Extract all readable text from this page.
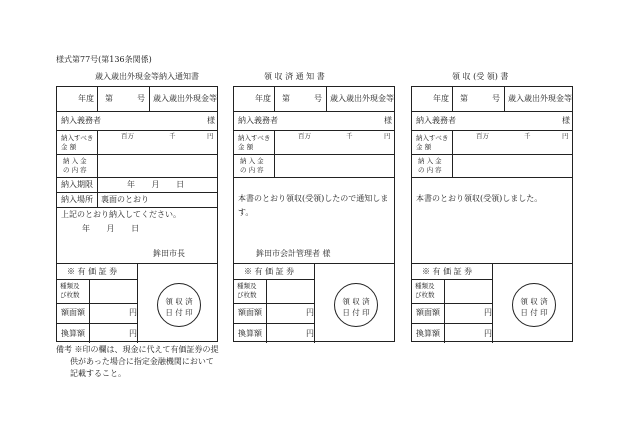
様式第77号(第136条関係)
歳入歳出外現金等納入通知書	領 収 済 通 知 書	領 収 (受 領) 書
年度 第	号 歳入歳出外現金等
納入義務者	様
納入すべき
金 額
百万	千	円
納 入 金
の 内 容
納入期限	年 月 日
納入場所 裏面のとおり
上記のとおり納入してください。
年 月 日
鉾田市長
※ 有 価 証 券
種類及
び枚数
額面額	円
換算額	円
領 収 済
日 付 印
年度 第	号 歳入歳出外現金等
納入義務者	様
納入すべき
金 額
百万	千	円
納 入 金
の 内 容
本書のとおり領収(受領)したので通知しま
す。
鉾田市会計管理者 様
※ 有 価 証 券
種類及
び枚数
額面額	円
換算額	円
領 収 済
日 付 印
年度 第	号 歳入歳出外現金等
納入義務者	様
納入すべき
金 額
百万	千	円
納 入 金
の 内 容
本書のとおり領収(受領)しました。
※ 有 価 証 券
種類及
び枚数
額面額	円
換算額	円
領 収 済
日 付 印
備考 ※印の欄は、現金に代えて有価証券の提
供があった場合に指定金融機関において
記載すること。
